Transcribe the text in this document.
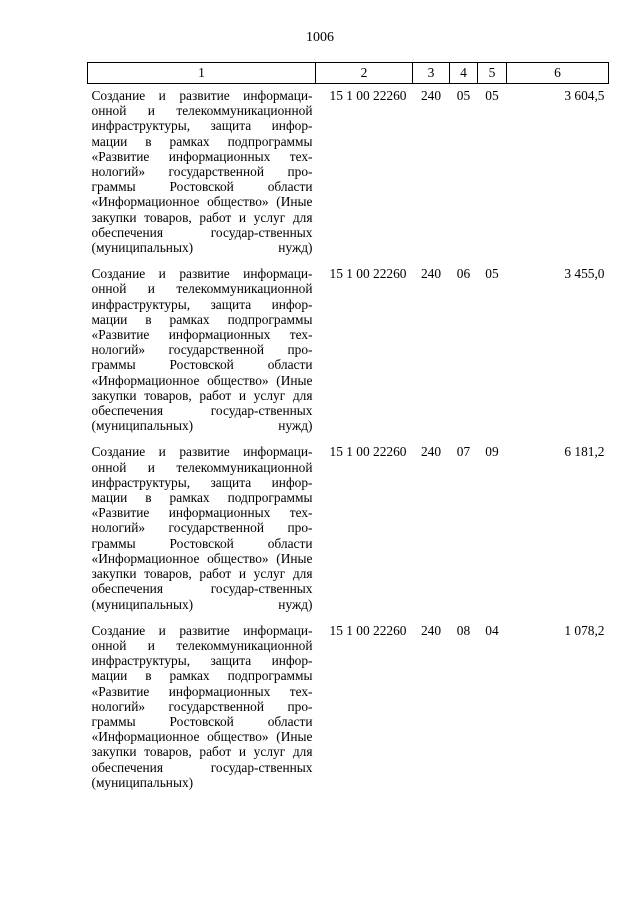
1006
1	2	3	4	5	6
Создание и развитие информаци-онной и телекоммуникационной инфраструктуры, защита инфор-мации в рамках подпрограммы «Развитие информационных тех-нологий» государственной про-граммы Ростовской области «Информационное общество» (Иные закупки товаров, работ и услуг для обеспечения государ-ственных (муниципальных) нужд)	15 1 00 22260	240	05	05	3 604,5
Создание и развитие информаци-онной и телекоммуникационной инфраструктуры, защита инфор-мации в рамках подпрограммы «Развитие информационных тех-нологий» государственной про-граммы Ростовской области «Информационное общество» (Иные закупки товаров, работ и услуг для обеспечения государ-ственных (муниципальных) нужд)	15 1 00 22260	240	06	05	3 455,0
Создание и развитие информаци-онной и телекоммуникационной инфраструктуры, защита инфор-мации в рамках подпрограммы «Развитие информационных тех-нологий» государственной про-граммы Ростовской области «Информационное общество» (Иные закупки товаров, работ и услуг для обеспечения государ-ственных (муниципальных) нужд)	15 1 00 22260	240	07	09	6 181,2
Создание и развитие информаци-онной и телекоммуникационной инфраструктуры, защита инфор-мации в рамках подпрограммы «Развитие информационных тех-нологий» государственной про-граммы Ростовской области «Информационное общество» (Иные закупки товаров, работ и услуг для обеспечения государ-ственных (муниципальных)	15 1 00 22260	240	08	04	1 078,2
